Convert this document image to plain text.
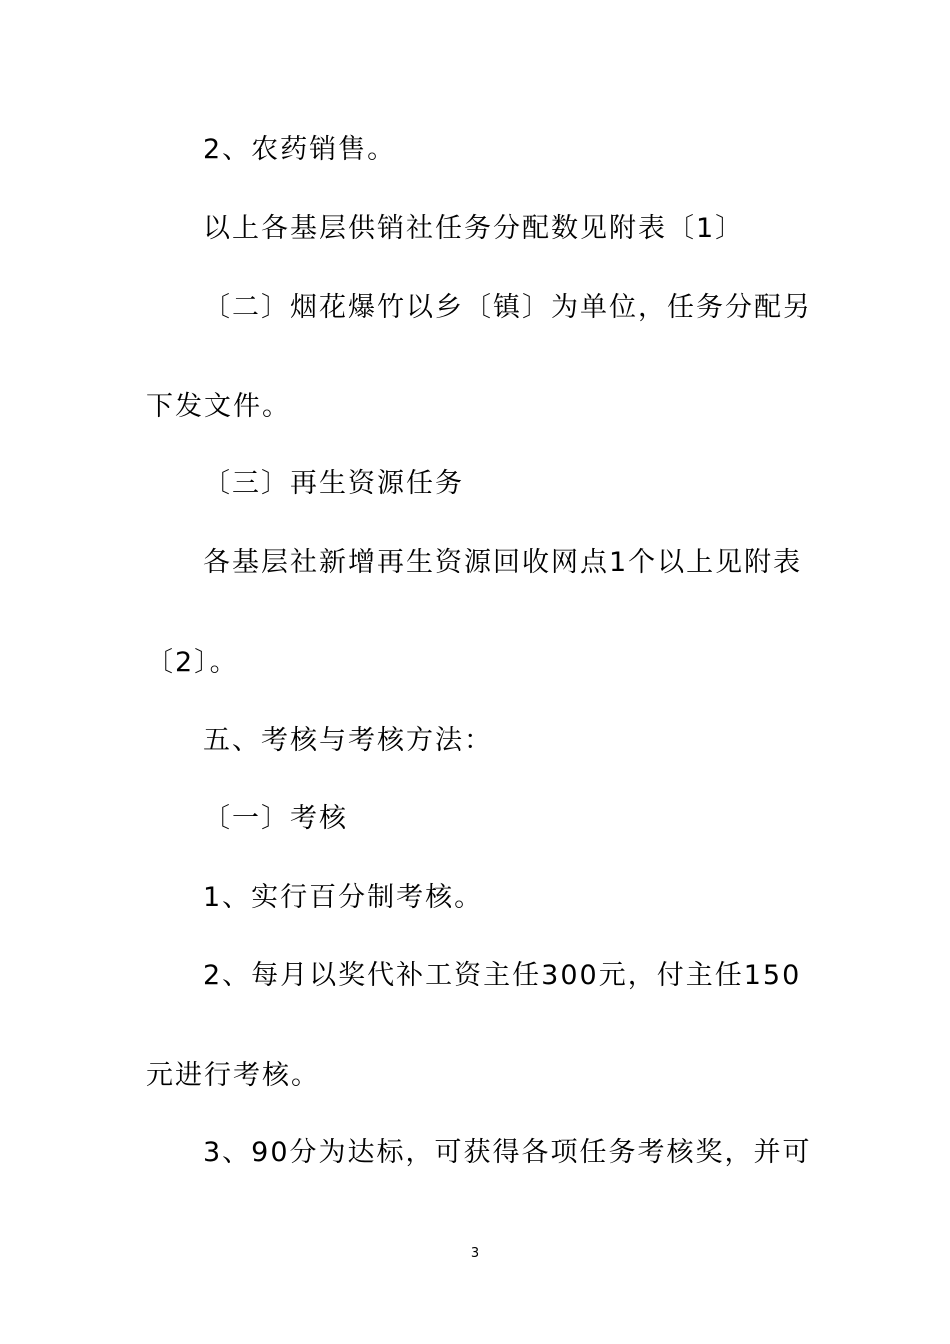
2、农药销售。
以上各基层供销社任务分配数见附表〔1〕
〔二〕烟花爆竹以乡〔镇〕为单位，任务分配另
下发文件。
〔三〕再生资源任务
各基层社新增再生资源回收网点1个以上见附表
〔2〕。
五、考核与考核方法：
〔一〕考核
1、实行百分制考核。
2、每月以奖代补工资主任300元，付主任150
元进行考核。
3、90分为达标，可获得各项任务考核奖，并可
3
